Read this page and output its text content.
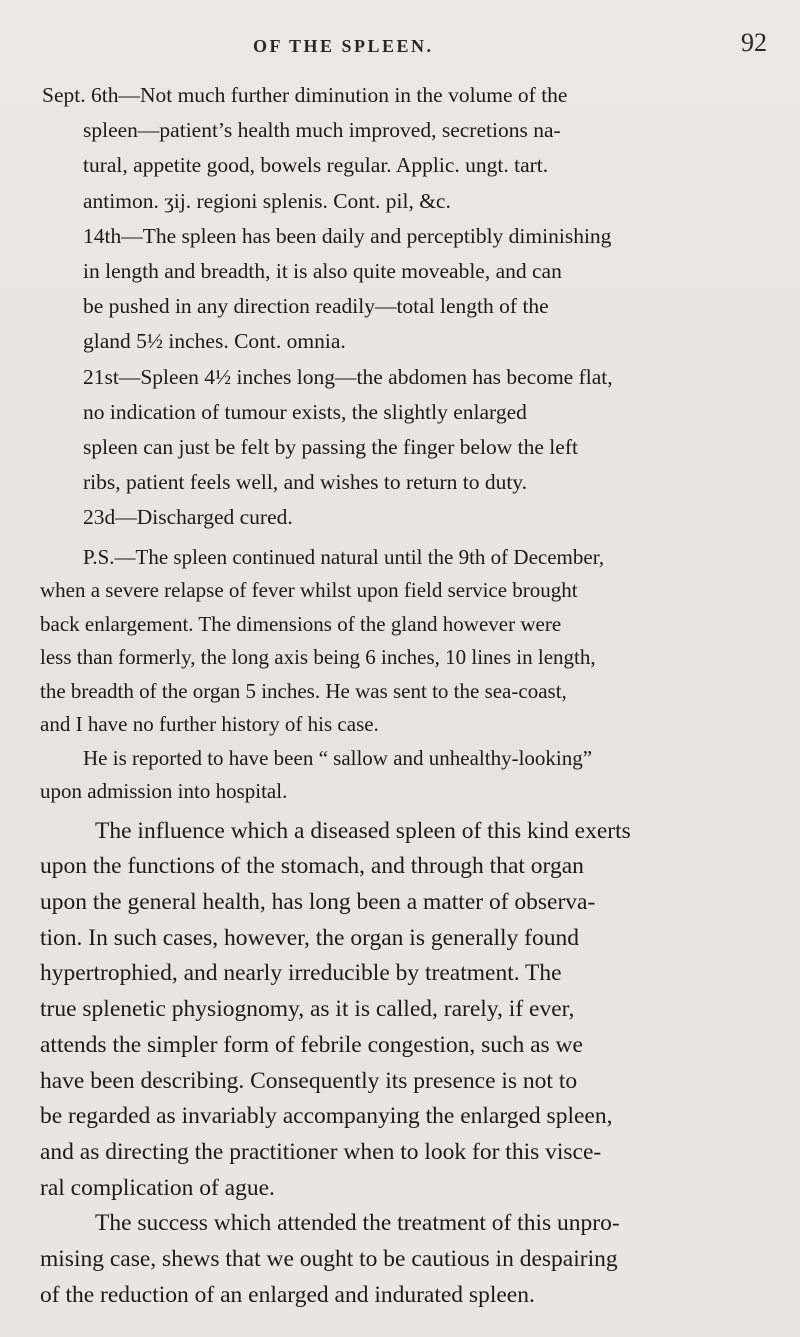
OF THE SPLEEN.	92
Sept. 6th—Not much further diminution in the volume of the
spleen—patient’s health much improved, secretions na-
tural, appetite good, bowels regular. Applic. ungt. tart.
antimon. ʒij. regioni splenis. Cont. pil, &c.
14th—The spleen has been daily and perceptibly diminishing
in length and breadth, it is also quite moveable, and can
be pushed in any direction readily—total length of the
gland 5½ inches. Cont. omnia.
21st—Spleen 4½ inches long—the abdomen has become flat,
no indication of tumour exists, the slightly enlarged
spleen can just be felt by passing the finger below the left
ribs, patient feels well, and wishes to return to duty.
23d—Discharged cured.
P.S.—The spleen continued natural until the 9th of December,
when a severe relapse of fever whilst upon field service brought
back enlargement. The dimensions of the gland however were
less than formerly, the long axis being 6 inches, 10 lines in length,
the breadth of the organ 5 inches. He was sent to the sea-coast,
and I have no further history of his case.
He is reported to have been “ sallow and unhealthy-looking”
upon admission into hospital.
The influence which a diseased spleen of this kind exerts
upon the functions of the stomach, and through that organ
upon the general health, has long been a matter of observa-
tion. In such cases, however, the organ is generally found
hypertrophied, and nearly irreducible by treatment. The
true splenetic physiognomy, as it is called, rarely, if ever,
attends the simpler form of febrile congestion, such as we
have been describing. Consequently its presence is not to
be regarded as invariably accompanying the enlarged spleen,
and as directing the practitioner when to look for this visce-
ral complication of ague.
The success which attended the treatment of this unpro-
mising case, shews that we ought to be cautious in despairing
of the reduction of an enlarged and indurated spleen.
